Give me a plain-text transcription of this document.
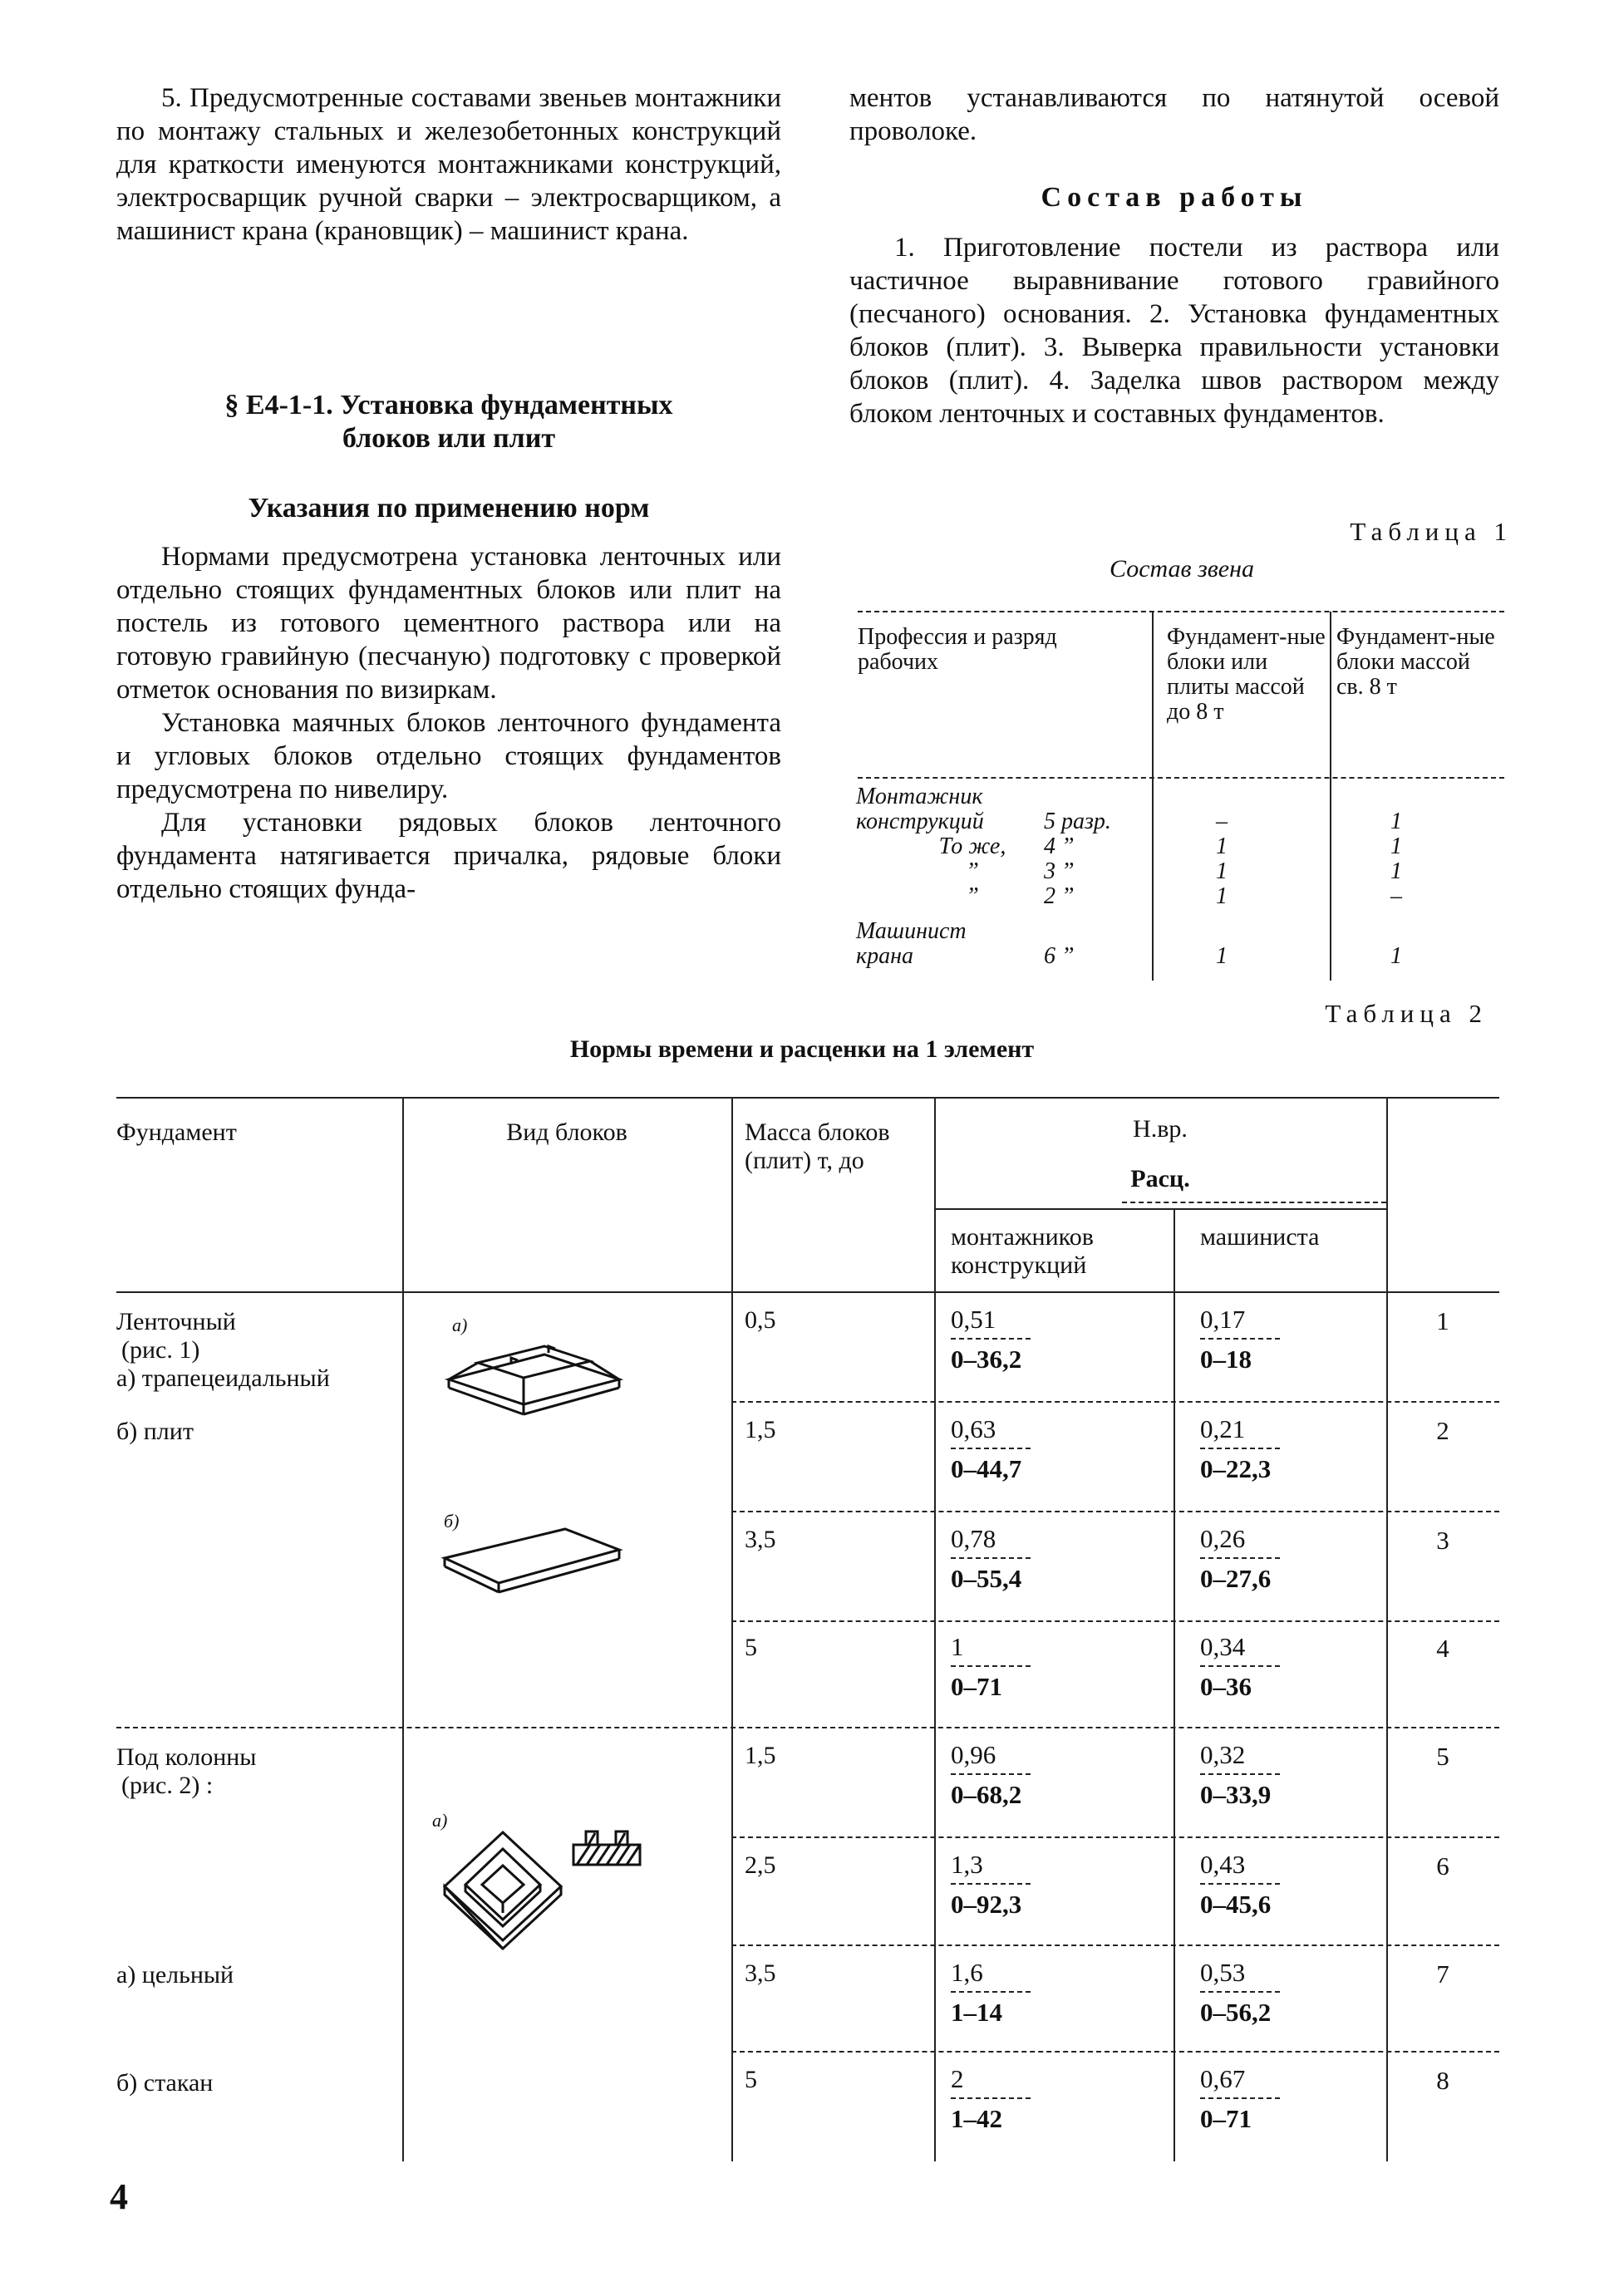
5. Предусмотренные составами звеньев монтажники по монтажу стальных и железобетонных конструкций для краткости именуются монтажниками конструкций, электросварщик ручной сварки – электросварщиком, а машинист крана (крановщик) – машинист крана.

§ Е4-1-1. Установка фундаментных
блоков или плит
Указания по применению норм

Нормами предусмотрена установка ленточных или отдельно стоящих фундаментных блоков или плит на постель из готового цементного раствора или на готовую гравийную (песчаную) подготовку с проверкой отметок основания по визиркам.

Установка маячных блоков ленточного фундамента и угловых блоков отдельно стоящих фундаментов предусмотрена по нивелиру.

Для установки рядовых блоков ленточного фундамента натягивается причалка, рядовые блоки отдельно стоящих фунда-

ментов устанавливаются по натянутой осевой проволоке.

Состав работы

1. Приготовление постели из раствора или частичное выравнивание готового гравийного (песчаного) основания. 2. Установка фундаментных блоков (плит). 3. Выверка правильности установки блоков (плит). 4. Заделка швов раствором между блоком ленточных и составных фундаментов.

Таблица 1
Состав звена
Профессия и разряд рабочих
Фундамент-ные блоки или плиты массой до 8 т
Фундамент-ные блоки массой св. 8 т
Монтажник
конструкций
Машинист
крана
То же,
”
”
5 разр.
4 ”
3 ”
2 ”
6 ”
–
1
1
1
1
1
1
1
–
1
Таблица 2
Нормы времени и расценки на 1 элемент
Фундамент	Вид блоков	Масса блоков (плит) т, до
Н.вр.
Расц.
монтажников конструкций
машиниста
Ленточный
(рис. 1)
а) трапецеидальный
б) плит
Под колонны
(рис. 2) :
а) цельный
б) стакан
а)
б)
а)
0,5
1,5
3,5
5
1,5
2,5
3,5
5
0,51
0–36,2
0,63
0–44,7
0,78
0–55,4
1
0–71
0,96
0–68,2
1,3
0–92,3
1,6
1–14
2
1–42
0,17
0–18
0,21
0–22,3
0,26
0–27,6
0,34
0–36
0,32
0–33,9
0,43
0–45,6
0,53
0–56,2
0,67
0–71
1
2
3
4
5
6
7
8
4
